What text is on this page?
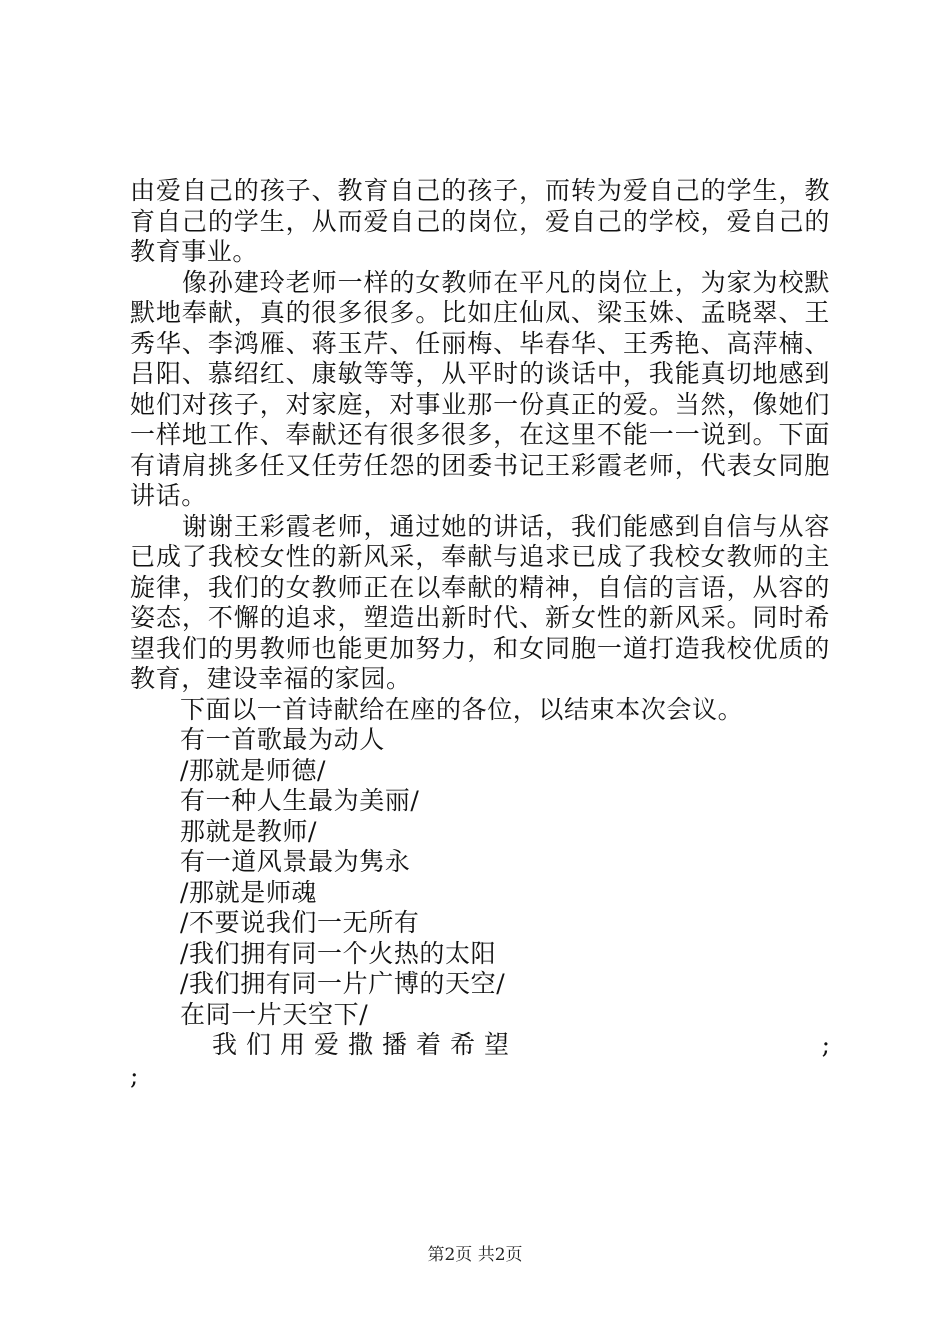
由爱自己的孩子、教育自己的孩子，而转为爱自己的学生，教育自己的学生，从而爱自己的岗位，爱自己的学校，爱自己的教育事业。

像孙建玲老师一样的女教师在平凡的岗位上，为家为校默默地奉献，真的很多很多。比如庄仙凤、梁玉姝、孟晓翠、王秀华、李鸿雁、蒋玉芹、任丽梅、毕春华、王秀艳、高萍楠、吕阳、慕绍红、康敏等等，从平时的谈话中，我能真切地感到她们对孩子，对家庭，对事业那一份真正的爱。当然，像她们一样地工作、奉献还有很多很多，在这里不能一一说到。下面有请肩挑多任又任劳任怨的团委书记王彩霞老师，代表女同胞讲话。

谢谢王彩霞老师，通过她的讲话，我们能感到自信与从容已成了我校女性的新风采，奉献与追求已成了我校女教师的主旋律，我们的女教师正在以奉献的精神，自信的言语，从容的姿态，不懈的追求，塑造出新时代、新女性的新风采。同时希望我们的男教师也能更加努力，和女同胞一道打造我校优质的教育，建设幸福的家园。

下面以一首诗献给在座的各位，以结束本次会议。

有一首歌最为动人

/那就是师德/

有一种人生最为美丽/

那就是教师/

有一道风景最为隽永

/那就是师魂

/不要说我们一无所有

/我们拥有同一个火热的太阳

/我们拥有同一片广博的天空/

在同一片天空下/

我们用爱撒播着希望	;

;

第2页 共2页
